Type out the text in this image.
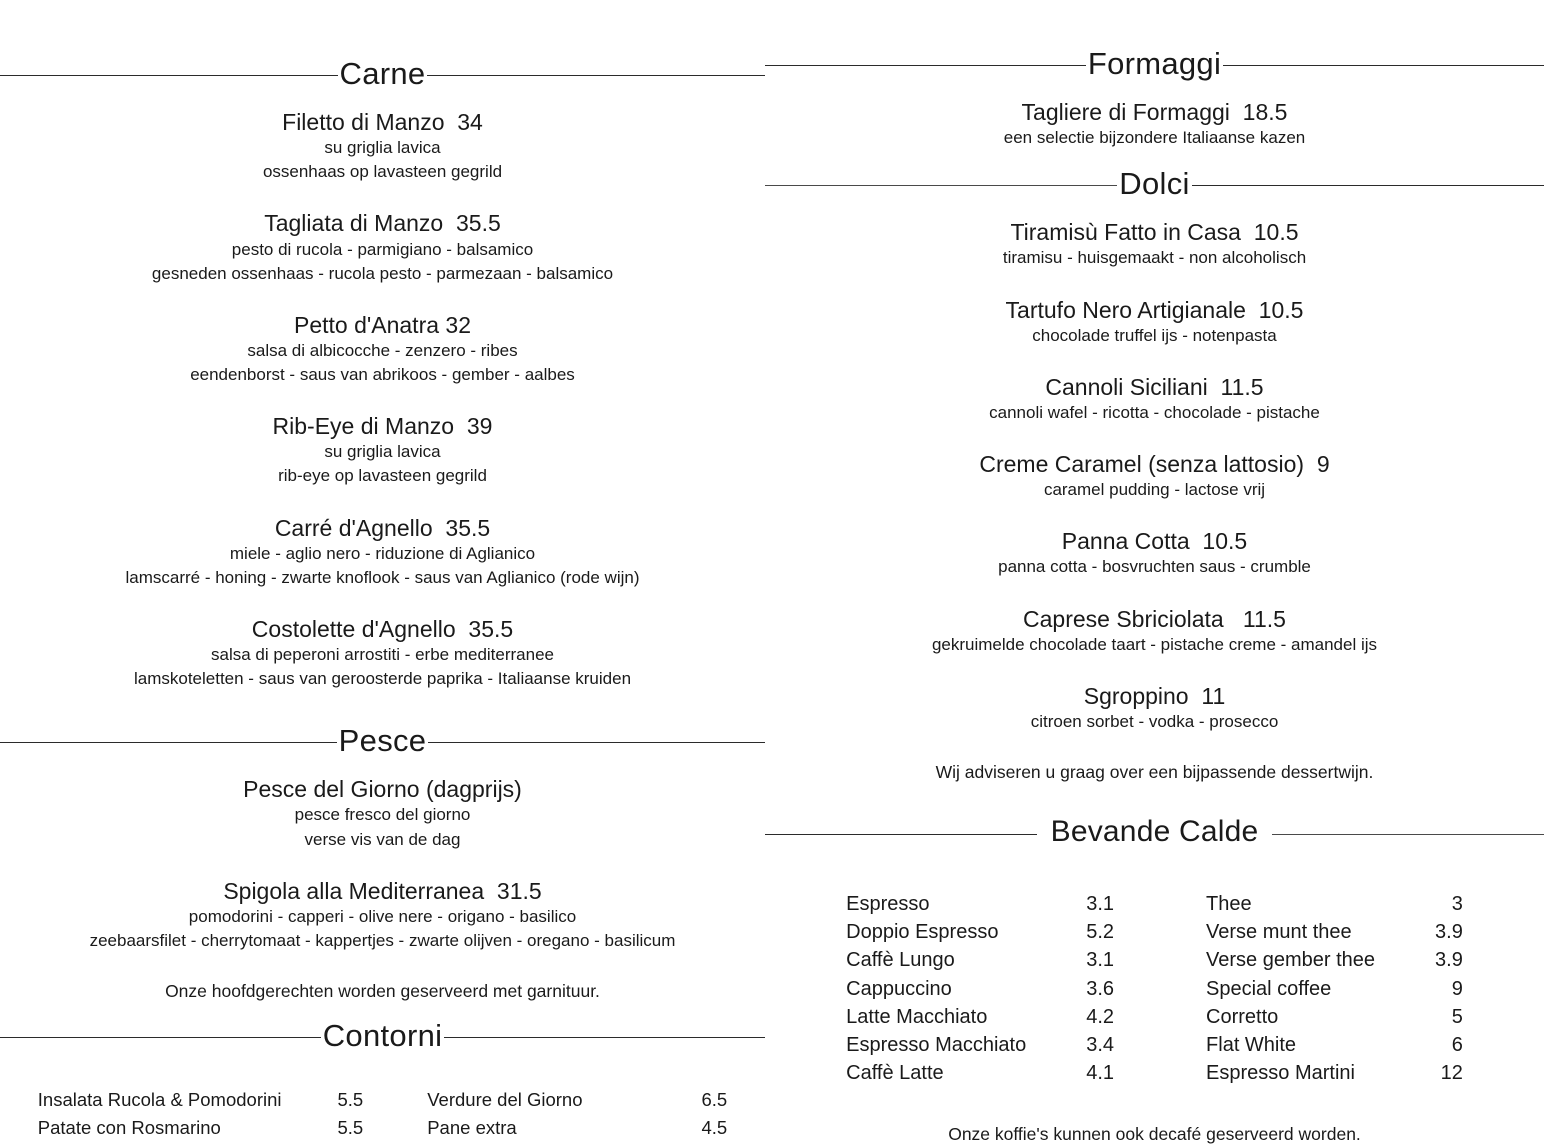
Carne
Filetto di Manzo  34
su griglia lavica
ossenhaas op lavasteen gegrild
Tagliata di Manzo  35.5
pesto di rucola - parmigiano - balsamico
gesneden ossenhaas - rucola pesto - parmezaan - balsamico
Petto d'Anatra 32
salsa di albicocche - zenzero - ribes
eendenborst - saus van abrikoos - gember - aalbes
Rib-Eye di Manzo  39
su griglia lavica
rib-eye op lavasteen gegrild
Carré d'Agnello  35.5
miele - aglio nero - riduzione di Aglianico
lamscarré - honing - zwarte knoflook - saus van Aglianico (rode wijn)
Costolette d'Agnello  35.5
salsa di peperoni arrostiti - erbe mediterranee
lamskoteletten - saus van geroosterde paprika - Italiaanse kruiden
Pesce
Pesce del Giorno (dagprijs)
pesce fresco del giorno
verse vis van de dag
Spigola alla Mediterranea  31.5
pomodorini - capperi - olive nere - origano - basilico
zeebaarsfilet - cherrytomaat - kappertjes - zwarte olijven - oregano - basilicum
Onze hoofdgerechten worden geserveerd met garnituur.
Contorni
Insalata Rucola & Pomodorini	5.5
Patate con Rosmarino	5.5
Verdure del Giorno	6.5
Pane extra	4.5
Formaggi
Tagliere di Formaggi  18.5
een selectie bijzondere Italiaanse kazen
Dolci
Tiramisù Fatto in Casa  10.5
tiramisu - huisgemaakt - non alcoholisch
Tartufo Nero Artigianale  10.5
chocolade truffel ijs - notenpasta
Cannoli Siciliani  11.5
cannoli wafel - ricotta - chocolade - pistache
Creme Caramel (senza lattosio)  9
caramel pudding - lactose vrij
Panna Cotta  10.5
panna cotta - bosvruchten saus - crumble
Caprese Sbriciolata   11.5
gekruimelde chocolade taart - pistache creme - amandel ijs
Sgroppino  11
citroen sorbet - vodka - prosecco
Wij adviseren u graag over een bijpassende dessertwijn.
Bevande Calde
Espresso	3.1
Doppio Espresso	5.2
Caffè Lungo	3.1
Cappuccino	3.6
Latte Macchiato	4.2
Espresso Macchiato	3.4
Caffè Latte	4.1
Thee	3
Verse munt thee	3.9
Verse gember thee	3.9
Special coffee	9
Corretto	5
Flat White	6
Espresso Martini	12
Onze koffie's kunnen ook decafé geserveerd worden.
